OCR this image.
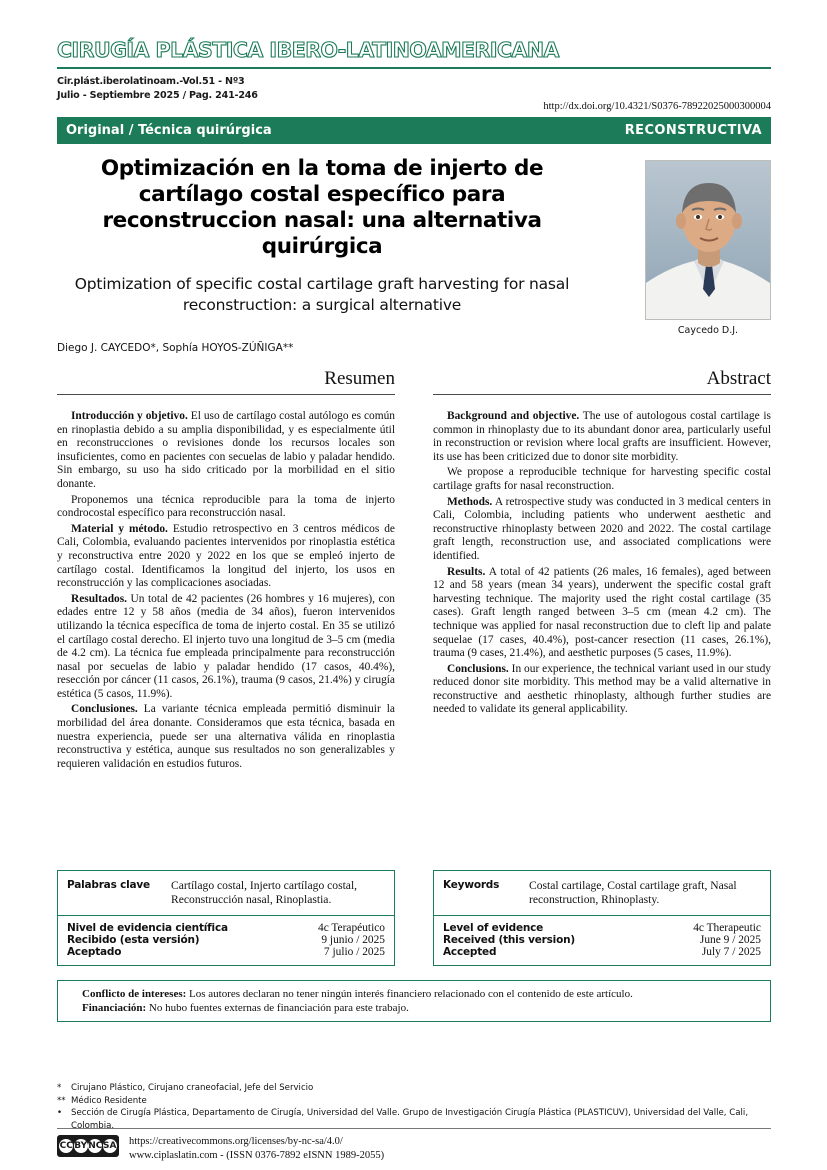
CIRUGÍA PLÁSTICA IBERO-LATINOAMERICANA
Cir.plást.iberolatinoam.-Vol.51 - Nº3
Julio - Septiembre 2025 / Pag. 241-246
http://dx.doi.org/10.4321/S0376-78922025000300004
Original / Técnica quirúrgica	RECONSTRUCTIVA
Optimización en la toma de injerto de cartílago costal específico para reconstruccion nasal: una alternativa quirúrgica
Optimization of specific costal cartilage graft harvesting for nasal reconstruction: a surgical alternative
Diego J. CAYCEDO*, Sophía HOYOS-ZÚÑIGA**
Caycedo D.J.
Resumen	Abstract

Introducción y objetivo. El uso de cartílago costal autólogo es común en rinoplastia debido a su amplia disponibilidad, y es especialmente útil en reconstrucciones o revisiones donde los recursos locales son insuficientes, como en pacientes con secuelas de labio y paladar hendido. Sin embargo, su uso ha sido criticado por la morbilidad en el sitio donante.

Proponemos una técnica reproducible para la toma de injerto condrocostal específico para reconstrucción nasal.

Material y método. Estudio retrospectivo en 3 centros médicos de Cali, Colombia, evaluando pacientes intervenidos por rinoplastia estética y reconstructiva entre 2020 y 2022 en los que se empleó injerto de cartílago costal. Identificamos la longitud del injerto, los usos en reconstrucción y las complicaciones asociadas.

Resultados. Un total de 42 pacientes (26 hombres y 16 mujeres), con edades entre 12 y 58 años (media de 34 años), fueron intervenidos utilizando la técnica específica de toma de injerto costal. En 35 se utilizó el cartílago costal derecho. El injerto tuvo una longitud de 3–5 cm (media de 4.2 cm). La técnica fue empleada principalmente para reconstrucción nasal por secuelas de labio y paladar hendido (17 casos, 40.4%), resección por cáncer (11 casos, 26.1%), trauma (9 casos, 21.4%) y cirugía estética (5 casos, 11.9%).

Conclusiones. La variante técnica empleada permitió disminuir la morbilidad del área donante. Consideramos que esta técnica, basada en nuestra experiencia, puede ser una alternativa válida en rinoplastia reconstructiva y estética, aunque sus resultados no son generalizables y requieren validación en estudios futuros.

Background and objective. The use of autologous costal cartilage is common in rhinoplasty due to its abundant donor area, particularly useful in reconstruction or revision where local grafts are insufficient. However, its use has been criticized due to donor site morbidity.

We propose a reproducible technique for harvesting specific costal cartilage grafts for nasal reconstruction.

Methods. A retrospective study was conducted in 3 medical centers in Cali, Colombia, including patients who underwent aesthetic and reconstructive rhinoplasty between 2020 and 2022. The costal cartilage graft length, reconstruction use, and associated complications were identified.

Results. A total of 42 patients (26 males, 16 females), aged between 12 and 58 years (mean 34 years), underwent the specific costal graft harvesting technique. The majority used the right costal cartilage (35 cases). Graft length ranged between 3–5 cm (mean 4.2 cm). The technique was applied for nasal reconstruction due to cleft lip and palate sequelae (17 cases, 40.4%), post-cancer resection (11 cases, 26.1%), trauma (9 cases, 21.4%), and aesthetic purposes (5 cases, 11.9%).

Conclusions. In our experience, the technical variant used in our study reduced donor site morbidity. This method may be a valid alternative in reconstructive and aesthetic rhinoplasty, although further studies are needed to validate its general applicability.

Palabras clave	Cartílago costal, Injerto cartílago costal, Reconstrucción nasal, Rinoplastia.
Nivel de evidencia científica	4c Terapéutico
Recibido (esta versión)	9 junio / 2025
Aceptado	7 julio / 2025
Keywords	Costal cartilage, Costal cartilage graft, Nasal reconstruction, Rhinoplasty.
Level of evidence	4c Therapeutic
Received (this version)	June 9 / 2025
Accepted	July 7 / 2025
Conflicto de intereses: Los autores declaran no tener ningún interés financiero relacionado con el contenido de este artículo.
Financiación: No hubo fuentes externas de financiación para este trabajo.
*	Cirujano Plástico, Cirujano craneofacial, Jefe del Servicio
** Médico Residente
•	Sección de Cirugía Plástica, Departamento de Cirugía, Universidad del Valle. Grupo de Investigación Cirugía Plástica (PLASTICUV), Universidad del Valle, Cali, Colombia.
CC BY NC SA https://creativecommons.org/licenses/by-nc-sa/4.0/
www.ciplaslatin.com - (ISSN 0376-7892 eISNN 1989-2055)
